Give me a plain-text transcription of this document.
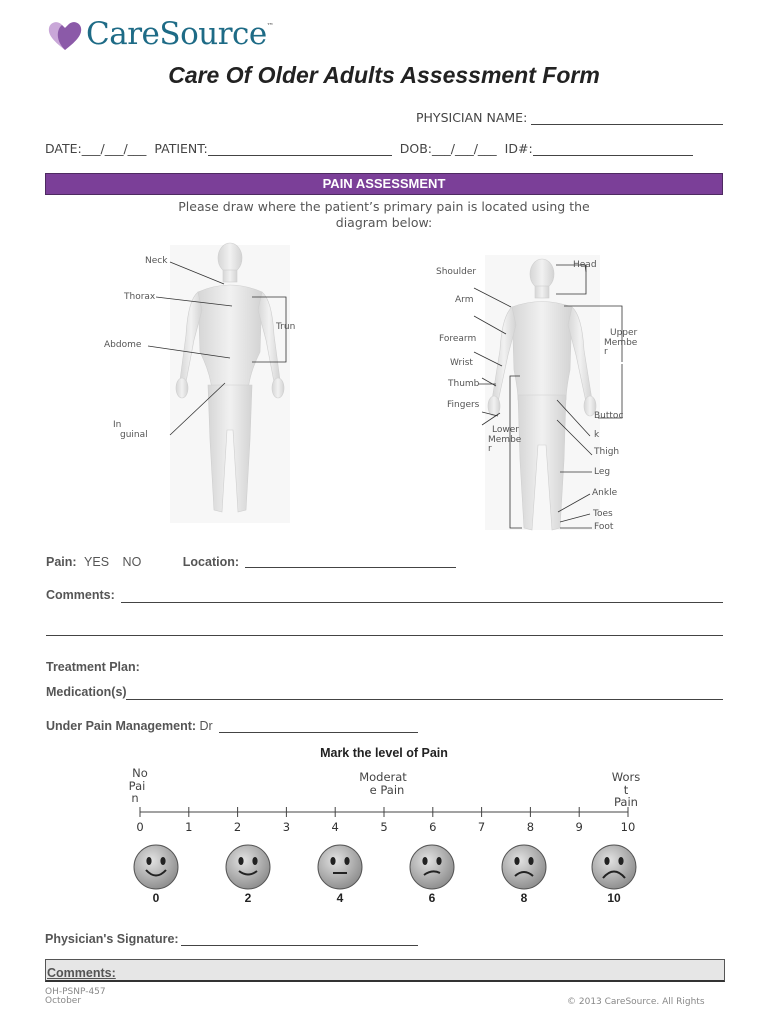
CareSource™
Care Of Older Adults Assessment Form
PHYSICIAN NAME:
DATE:___/___/___ PATIENT:	DOB:___/___/___ ID#:
PAIN ASSESSMENT
Please draw where the patient’s primary pain is located using the diagram below:
Neck
Thorax
Abdome
Trun
In
guinal
Head
Shoulder
Arm
Forearm
Wrist
Thumb
Fingers
Upper
Membe
r
Buttoc
k
Lower
Membe
r	Thigh
Leg
Ankle
Toes
Foot
Pain: YES NO	Location:
Comments:
Treatment Plan:
Medication(s)
Under Pain Management: Dr
Mark the level of Pain
No
Pai
n
Moderat
e Pain
Wors
t
Pain
0	1	2	3	4	5	6	7	8	9	10
0	2	4	6	8	10
Physician's Signature:
Comments:
OH-PSNP-457
October	© 2013 CareSource. All Rights
